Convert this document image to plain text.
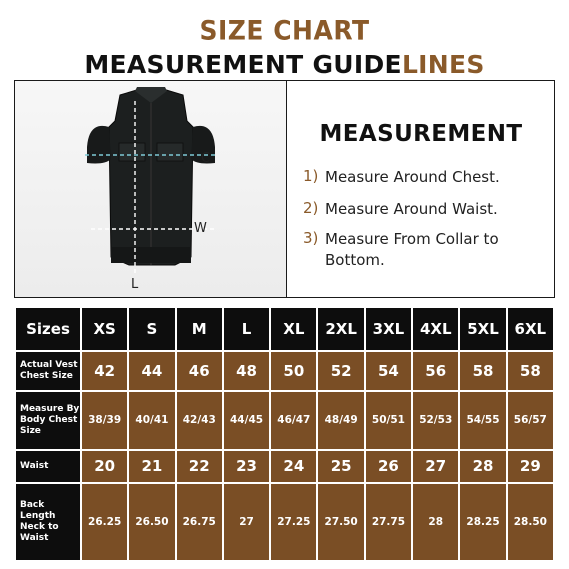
SIZE CHART
MEASUREMENT GUIDELINES
C
W
L
MEASUREMENT
1) Measure Around Chest.
2) Measure Around Waist.
3) Measure From Collar to Bottom.
Sizes	XS	S	M	L	XL	2XL	3XL	4XL	5XL	6XL
Actual Vest Chest Size	42	44	46	48	50	52	54	56	58	58
Measure By Body Chest Size	38/39	40/41	42/43	44/45	46/47	48/49	50/51	52/53	54/55	56/57
Waist	20	21	22	23	24	25	26	27	28	29
Back Length Neck to Waist	26.25	26.50	26.75	27	27.25	27.50	27.75	28	28.25	28.50
